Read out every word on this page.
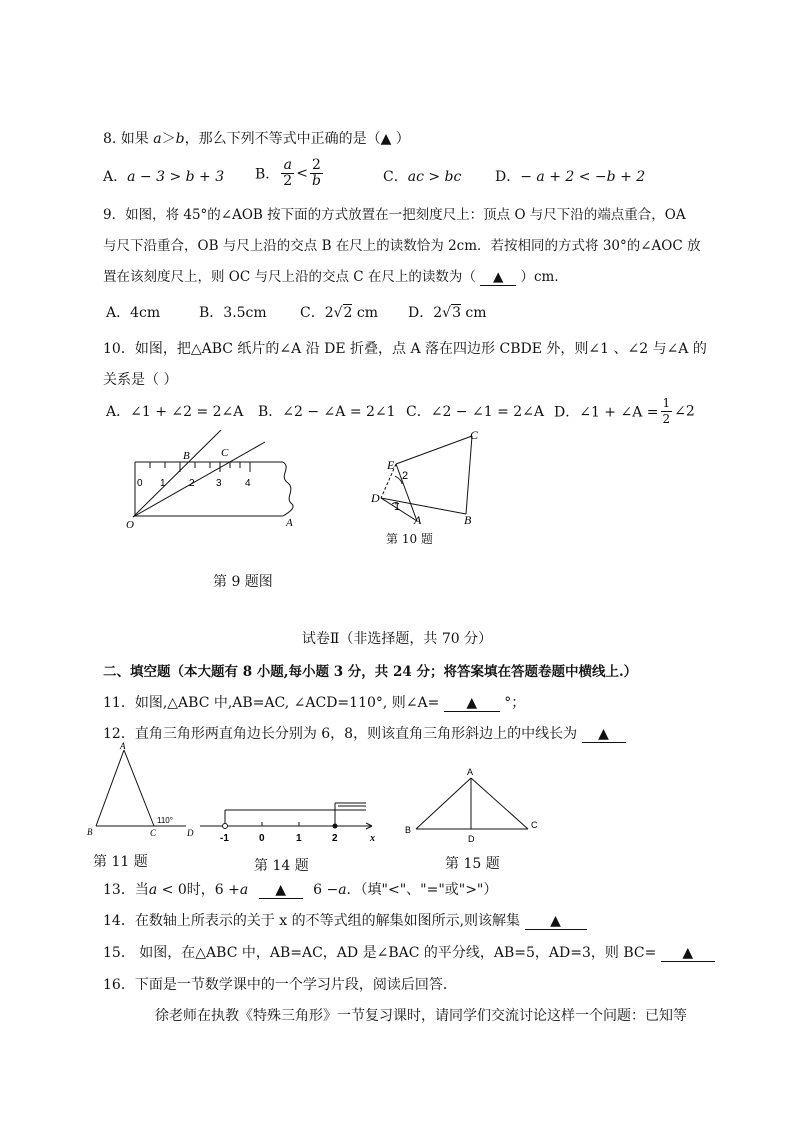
8. 如果 a＞b，那么下列不等式中正确的是（▲ ）
A．a − 3 > b + 3 B． $\frac{a}{2} < \frac{2}{b}$	C．ac > bc D．− a + 2 < −b + 2
9．如图，将 45°的∠AOB 按下面的方式放置在一把刻度尺上：顶点 O 与尺下沿的端点重合，OA
与尺下沿重合，OB 与尺上沿的交点 B 在尺上的读数恰为 2cm．若按相同的方式将 30°的∠AOC 放
置在该刻度尺上，则 OC 与尺上沿的交点 C 在尺上的读数为（ ▲ ）cm．
A．4cm	B．3.5cm C．2√2 cm D．2√3 cm
10．如图，把△ABC 纸片的∠A 沿 DE 折叠，点 A 落在四边形 CBDE 外，则∠1 、∠2 与∠A 的
关系是（ ）
A．∠1 + ∠2 = 2∠A B．∠2 − ∠A = 2∠1 C．∠2 − ∠1 = 2∠A D．∠1 + ∠A = $\frac{1}{2}$ ∠2
0 1 2 3 4
B	C
O	A
第 9 题图
C
E
2
D
1
A	B
第 10 题
试卷Ⅱ（非选择题，共 70 分）
二、填空题（本大题有 8 小题,每小题 3 分，共 24 分；将答案填在答题卷题中横线上.）
11．如图,△ABC 中,AB=AC, ∠ACD=110°, 则∠A= ▲ °；
12．直角三角形两直角边长分别为 6，8，则该直角三角形斜边上的中线长为 ▲
A
B	C	D
110°
第 11 题
-1	0	1	2	x
第 14 题
A
B	C
D
第 15 题
13．当a < 0时，6 +a ▲ 6 −a．（填"<"、"="或">"）
14．在数轴上所表示的关于 x 的不等式组的解集如图所示,则该解集 ▲
15． 如图，在△ABC 中，AB=AC，AD 是∠BAC 的平分线，AB=5，AD=3，则 BC= ▲
16．下面是一节数学课中的一个学习片段，阅读后回答．
徐老师在执教《特殊三角形》一节复习课时，请同学们交流讨论这样一个问题：已知等
